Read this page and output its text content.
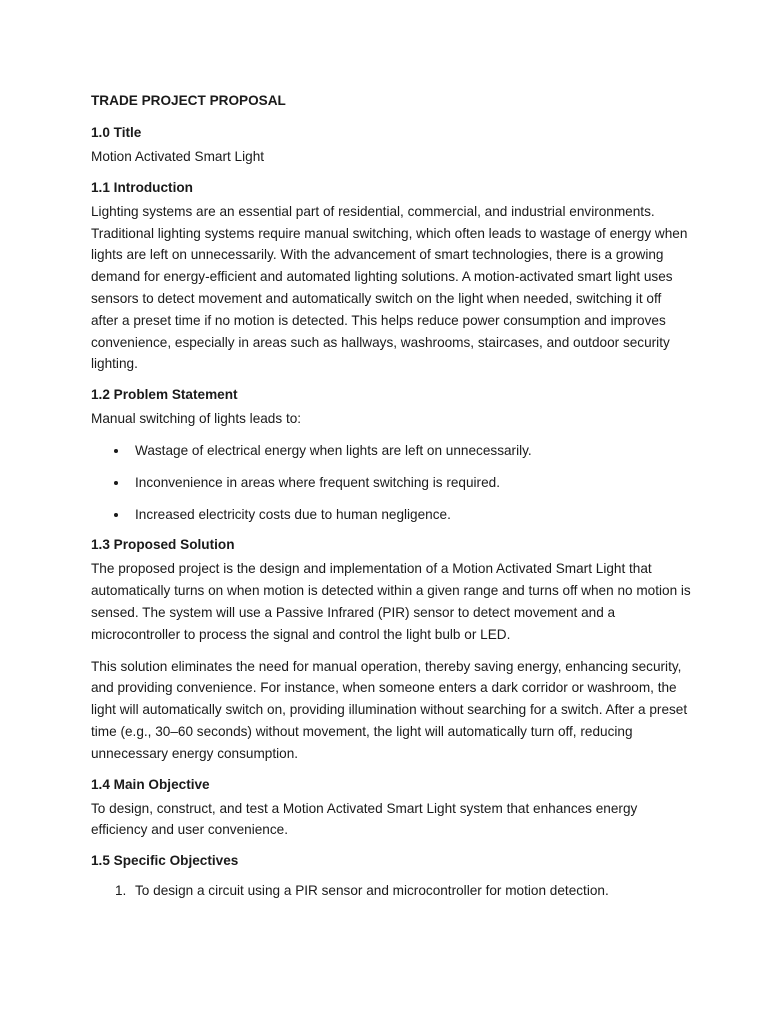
TRADE PROJECT PROPOSAL
1.0 Title

Motion Activated Smart Light

1.1 Introduction

Lighting systems are an essential part of residential, commercial, and industrial environments. Traditional lighting systems require manual switching, which often leads to wastage of energy when lights are left on unnecessarily. With the advancement of smart technologies, there is a growing demand for energy-efficient and automated lighting solutions. A motion-activated smart light uses sensors to detect movement and automatically switch on the light when needed, switching it off after a preset time if no motion is detected. This helps reduce power consumption and improves convenience, especially in areas such as hallways, washrooms, staircases, and outdoor security lighting.

1.2 Problem Statement

Manual switching of lights leads to:

Wastage of electrical energy when lights are left on unnecessarily.
Inconvenience in areas where frequent switching is required.
Increased electricity costs due to human negligence.
1.3 Proposed Solution

The proposed project is the design and implementation of a Motion Activated Smart Light that automatically turns on when motion is detected within a given range and turns off when no motion is sensed. The system will use a Passive Infrared (PIR) sensor to detect movement and a microcontroller to process the signal and control the light bulb or LED.

This solution eliminates the need for manual operation, thereby saving energy, enhancing security, and providing convenience. For instance, when someone enters a dark corridor or washroom, the light will automatically switch on, providing illumination without searching for a switch. After a preset time (e.g., 30–60 seconds) without movement, the light will automatically turn off, reducing unnecessary energy consumption.

1.4 Main Objective

To design, construct, and test a Motion Activated Smart Light system that enhances energy efficiency and user convenience.

1.5 Specific Objectives
1. To design a circuit using a PIR sensor and microcontroller for motion detection.
